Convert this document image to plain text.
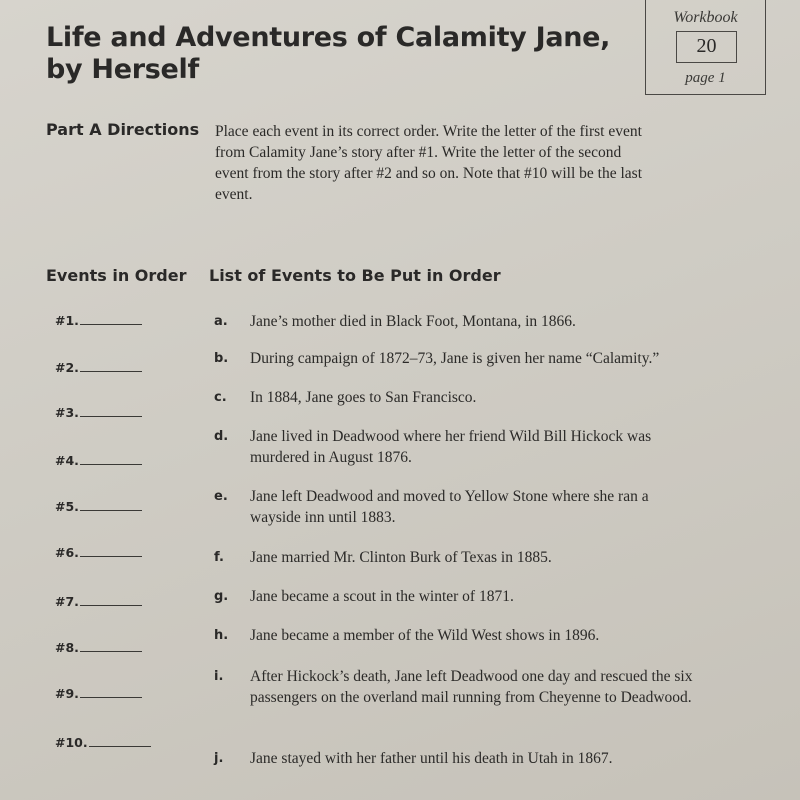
Life and Adventures of Calamity Jane,
by Herself
Workbook
20
page 1
Part A Directions Place each event in its correct order. Write the letter of the first event from Calamity Jane’s story after #1. Write the letter of the second event from the story after #2 and so on. Note that #10 will be the last event.
Events in Order List of Events to Be Put in Order
#1.
#2.
#3.
#4.
#5.
#6.
#7.
#8.
#9.
#10.
a. Jane’s mother died in Black Foot, Montana, in 1866.
b. During campaign of 1872–73, Jane is given her name “Calamity.”
c. In 1884, Jane goes to San Francisco.
d. Jane lived in Deadwood where her friend Wild Bill Hickock was murdered in August 1876.
e. Jane left Deadwood and moved to Yellow Stone where she ran a wayside inn until 1883.
f. Jane married Mr. Clinton Burk of Texas in 1885.
g. Jane became a scout in the winter of 1871.
h. Jane became a member of the Wild West shows in 1896.
i. After Hickock’s death, Jane left Deadwood one day and rescued the six passengers on the overland mail running from Cheyenne to Deadwood.
j. Jane stayed with her father until his death in Utah in 1867.
